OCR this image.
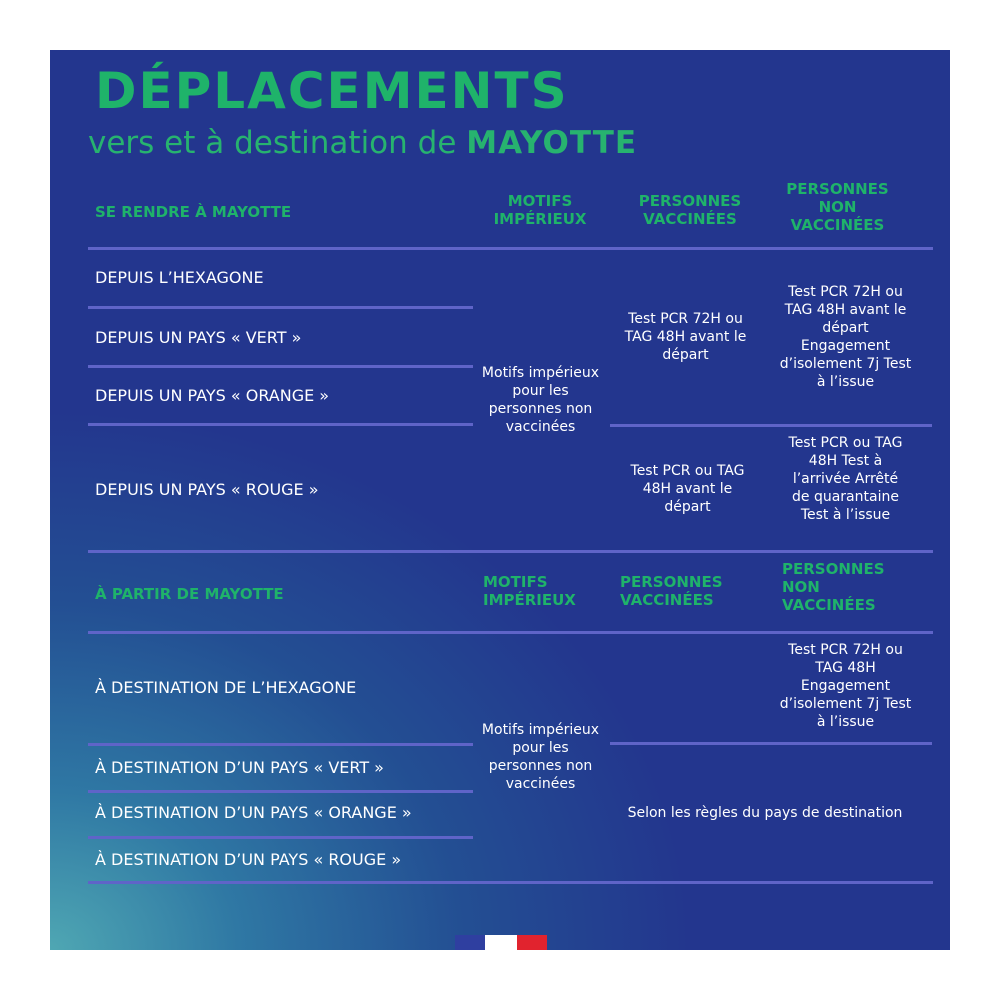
DÉPLACEMENTS
vers et à destination de MAYOTTE
SE RENDRE À MAYOTTE
MOTIFS IMPÉRIEUX
PERSONNES VACCINÉES
PERSONNES NON VACCINÉES
DEPUIS L’HEXAGONE
DEPUIS UN PAYS « VERT »
DEPUIS UN PAYS « ORANGE »
DEPUIS UN PAYS « ROUGE »
Motifs impérieux pour les personnes non vaccinées
Test PCR 72H ou TAG 48H avant le départ
Test PCR 72H ou TAG 48H avant le départ Engagement d’isolement 7j Test à l’issue
Test PCR ou TAG 48H avant le départ
Test PCR ou TAG 48H Test à l’arrivée Arrêté de quarantaine Test à l’issue
À PARTIR DE MAYOTTE
MOTIFS IMPÉRIEUX
PERSONNES VACCINÉES
PERSONNES NON VACCINÉES
À DESTINATION DE L’HEXAGONE
À DESTINATION D’UN PAYS « VERT »
À DESTINATION D’UN PAYS « ORANGE »
À DESTINATION D’UN PAYS « ROUGE »
Motifs impérieux pour les personnes non vaccinées
Test PCR 72H ou TAG 48H Engagement d’isolement 7j Test à l’issue
Selon les règles du pays de destination
